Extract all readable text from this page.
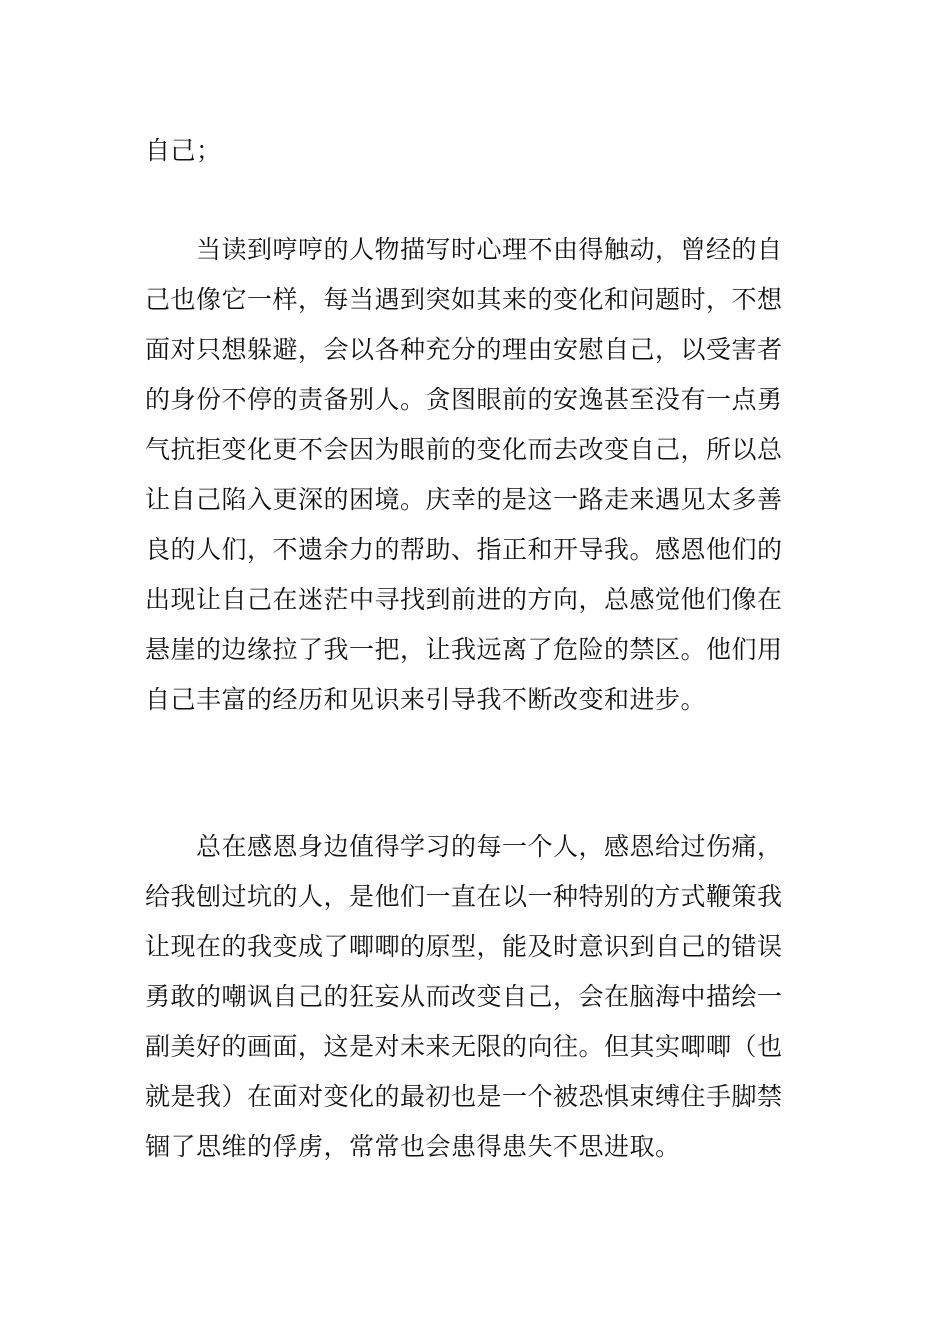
自己；
　　当读到哼哼的人物描写时心理不由得触动，曾经的自
己也像它一样，每当遇到突如其来的变化和问题时，不想
面对只想躲避，会以各种充分的理由安慰自己，以受害者
的身份不停的责备别人。贪图眼前的安逸甚至没有一点勇
气抗拒变化更不会因为眼前的变化而去改变自己，所以总
让自己陷入更深的困境。庆幸的是这一路走来遇见太多善
良的人们，不遗余力的帮助、指正和开导我。感恩他们的
出现让自己在迷茫中寻找到前进的方向，总感觉他们像在
悬崖的边缘拉了我一把，让我远离了危险的禁区。他们用
自己丰富的经历和见识来引导我不断改变和进步。
　　总在感恩身边值得学习的每一个人，感恩给过伤痛，
给我刨过坑的人，是他们一直在以一种特别的方式鞭策我
让现在的我变成了唧唧的原型，能及时意识到自己的错误
勇敢的嘲讽自己的狂妄从而改变自己，会在脑海中描绘一
副美好的画面，这是对未来无限的向往。但其实唧唧（也
就是我）在面对变化的最初也是一个被恐惧束缚住手脚禁
锢了思维的俘虏，常常也会患得患失不思进取。
